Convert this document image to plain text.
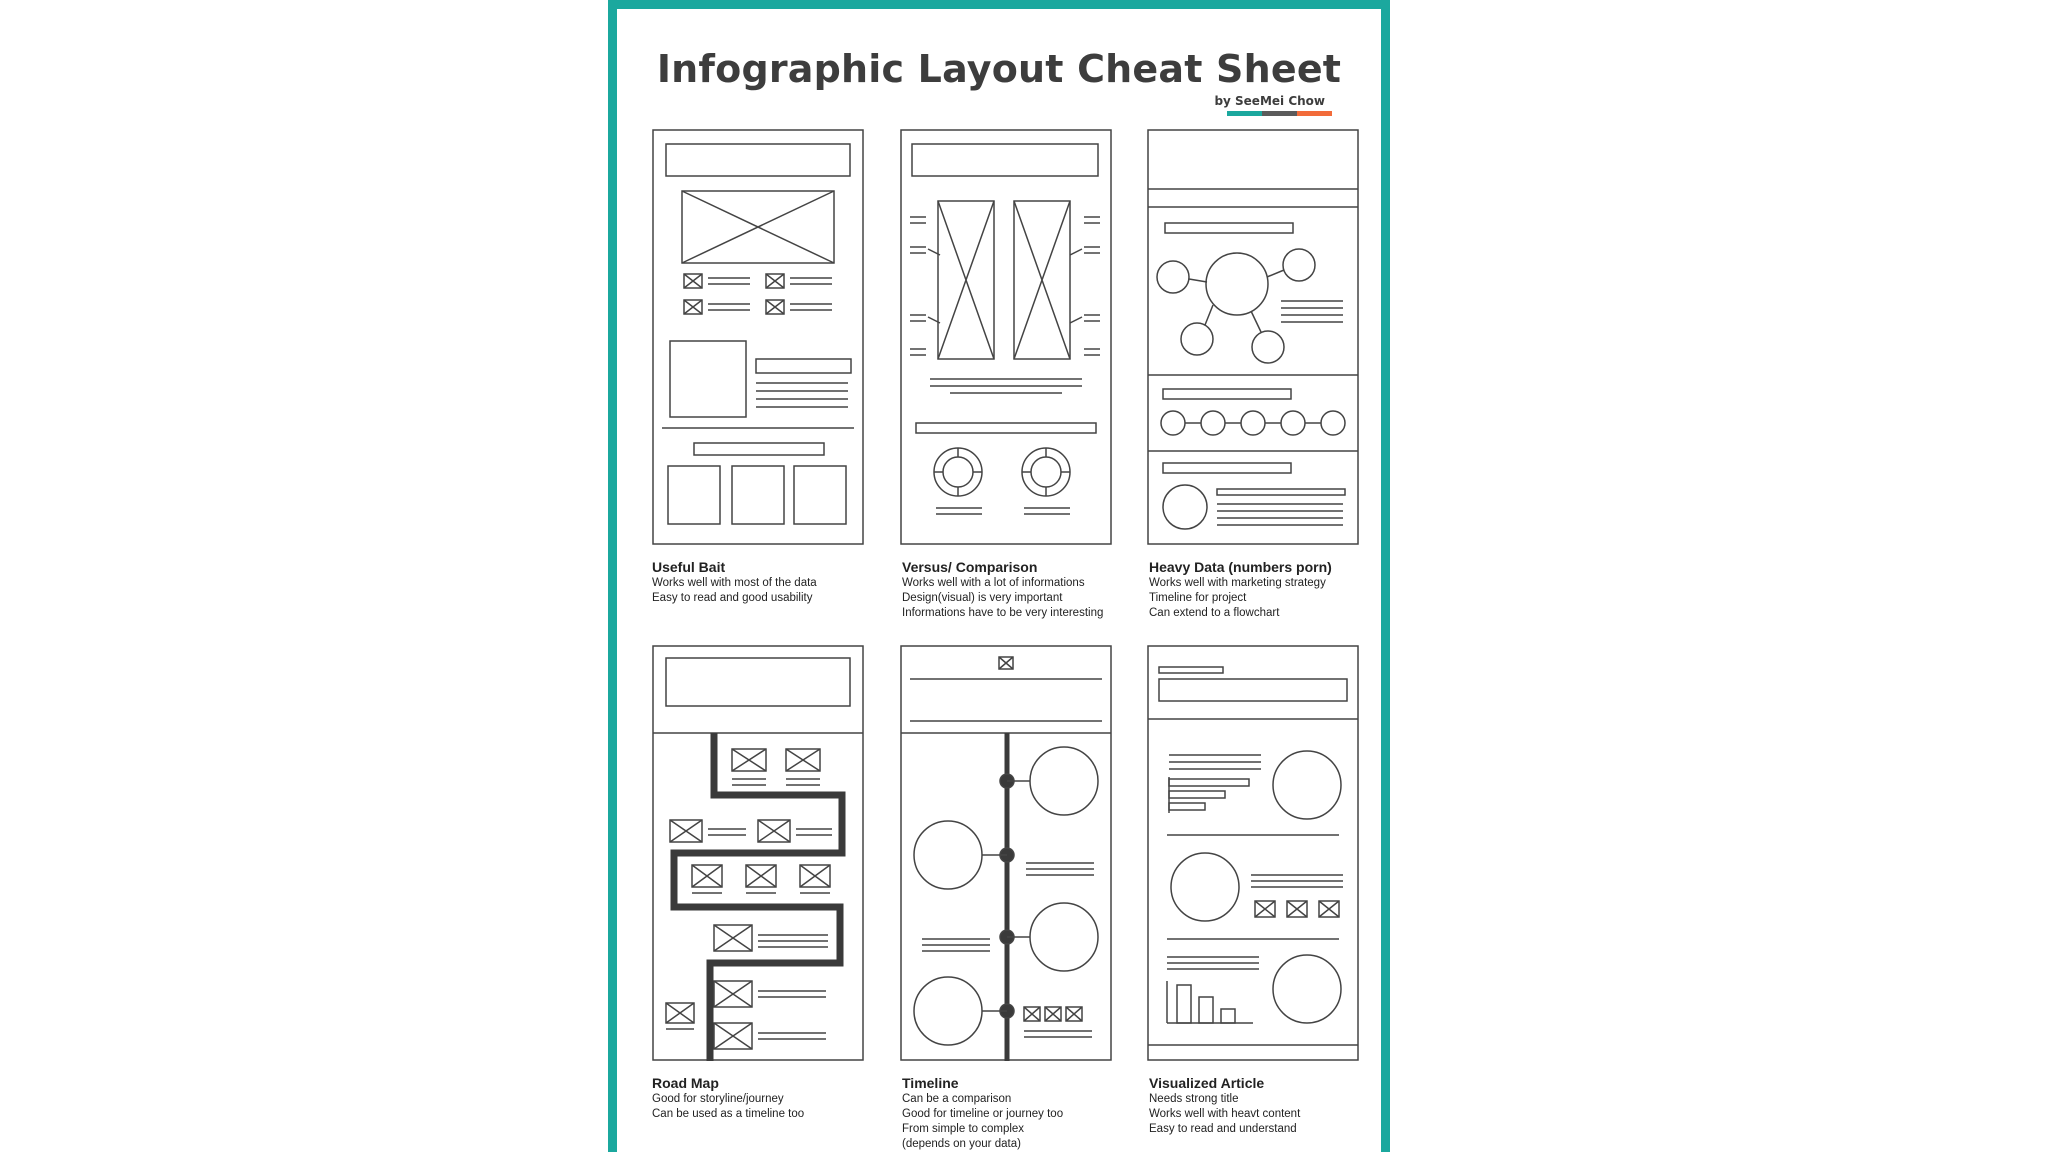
Infographic Layout Cheat Sheet
by SeeMei Chow
Useful Bait
Works well with most of the data
Easy to read and good usability
Versus/ Comparison
Works well with a lot of informations
Design(visual) is very important
Informations have to be very interesting
Heavy Data (numbers porn)
Works well with marketing strategy
Timeline for project
Can extend to a flowchart
Road Map
Good for storyline/journey
Can be used as a timeline too
Timeline
Can be a comparison
Good for timeline or journey too
From simple to complex
(depends on your data)
Visualized Article
Needs strong title
Works well with heavt content
Easy to read and understand
